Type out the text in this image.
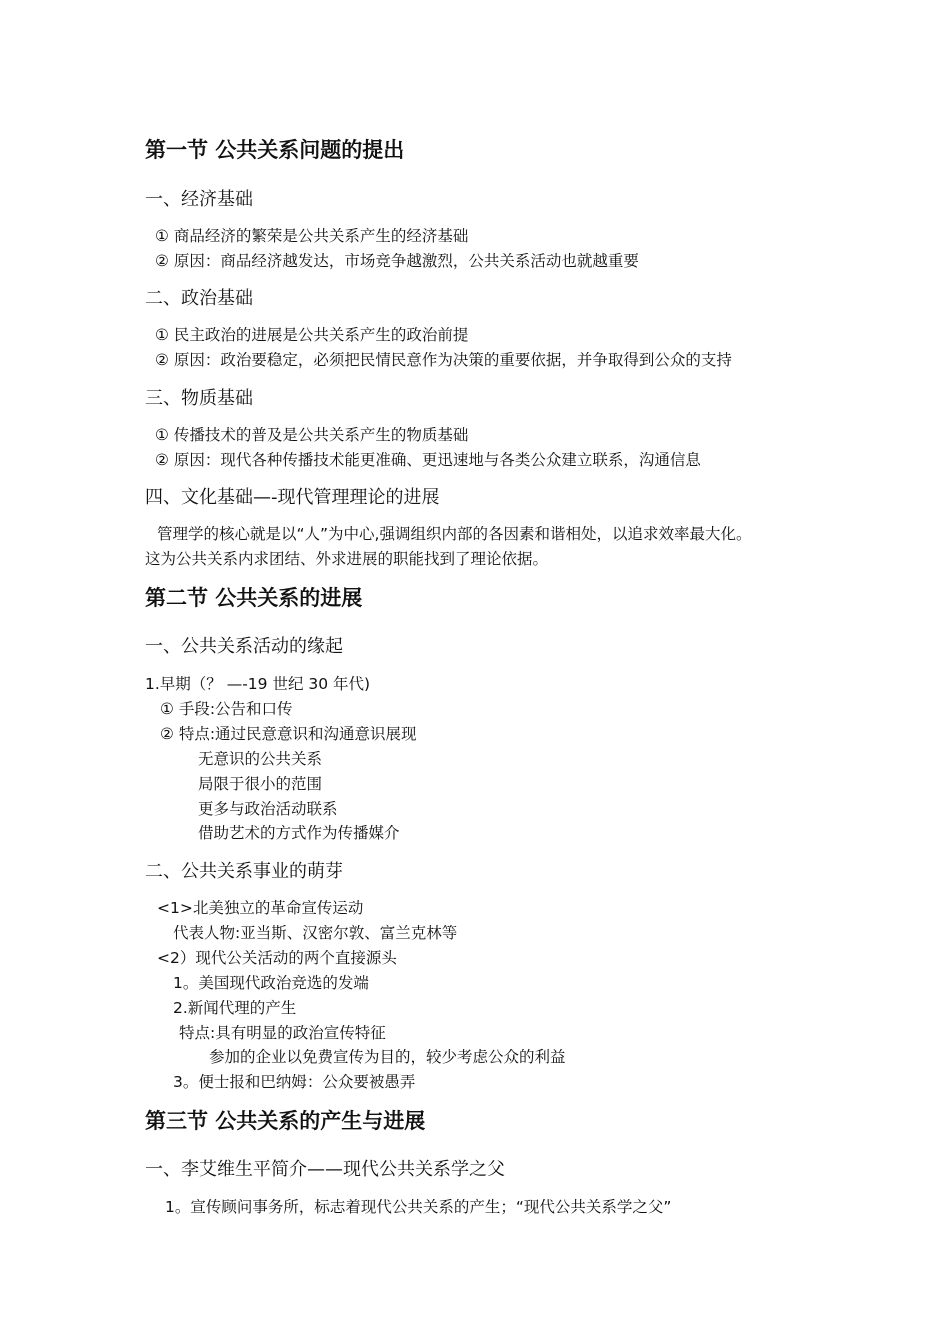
第一节 公共关系问题的提出
一、经济基础
① 商品经济的繁荣是公共关系产生的经济基础
② 原因：商品经济越发达，市场竞争越激烈，公共关系活动也就越重要
二、政治基础
① 民主政治的进展是公共关系产生的政治前提
② 原因：政治要稳定，必须把民情民意作为决策的重要依据，并争取得到公众的支持
三、物质基础
① 传播技术的普及是公共关系产生的物质基础
② 原因：现代各种传播技术能更准确、更迅速地与各类公众建立联系，沟通信息
四、文化基础—-现代管理理论的进展
管理学的核心就是以“人”为中心,强调组织内部的各因素和谐相处，以追求效率最大化。
这为公共关系内求团结、外求进展的职能找到了理论依据。
第二节 公共关系的进展
一、公共关系活动的缘起
1.早期（？ —-19 世纪 30 年代)
① 手段:公告和口传
② 特点:通过民意意识和沟通意识展现
无意识的公共关系
局限于很小的范围
更多与政治活动联系
借助艺术的方式作为传播媒介
二、公共关系事业的萌芽
<1>北美独立的革命宣传运动
代表人物:亚当斯、汉密尔敦、富兰克林等
<2）现代公关活动的两个直接源头
1。美国现代政治竞选的发端
2.新闻代理的产生
特点:具有明显的政治宣传特征
参加的企业以免费宣传为目的，较少考虑公众的利益
3。便士报和巴纳姆：公众要被愚弄
第三节 公共关系的产生与进展
一、李艾维生平简介——现代公共关系学之父
1。宣传顾问事务所，标志着现代公共关系的产生；“现代公共关系学之父”
